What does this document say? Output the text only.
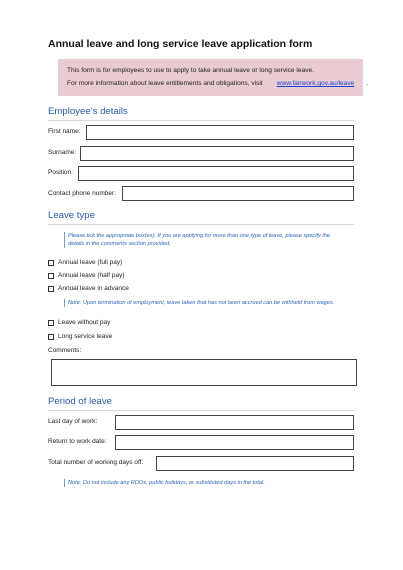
Annual leave and long service leave application form
This form is for employees to use to apply to take annual leave or long service leave.
For more information about leave entitlements and obligations, visit www.fairwork.gov.au/leave .
Employee’s details
First name:
Surname:
Position:
Contact phone number:
Leave type
Please tick the appropriate box(es). If you are applying for more than one type of leave, please specify the
details in the comments section provided.
Annual leave (full pay)
Annual leave (half pay)
Annual leave in advance
Note: Upon termination of employment, leave taken that has not been accrued can be withheld from wages.
Leave without pay
Long service leave
Comments:
Period of leave
Last day of work:
Return to work date:
Total number of working days off:
Note: Do not include any RDOs, public holidays, or substituted days in the total.
